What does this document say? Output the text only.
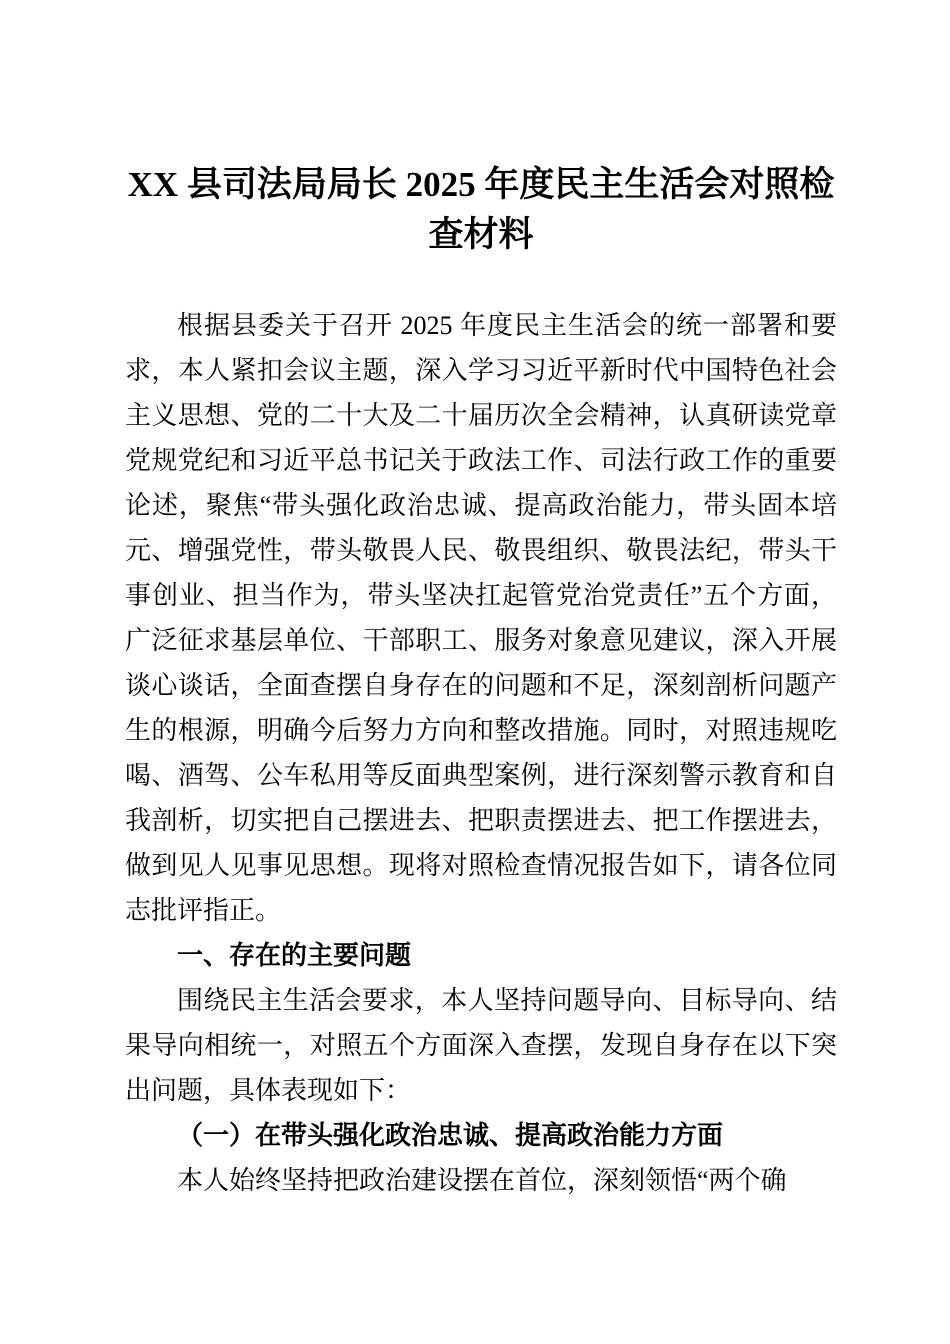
XX 县司法局局长 2025 年度民主生活会对照检查材料

根据县委关于召开 2025 年度民主生活会的统一部署和要求，本人紧扣会议主题，深入学习习近平新时代中国特色社会主义思想、党的二十大及二十届历次全会精神，认真研读党章党规党纪和习近平总书记关于政法工作、司法行政工作的重要论述，聚焦“带头强化政治忠诚、提高政治能力，带头固本培元、增强党性，带头敬畏人民、敬畏组织、敬畏法纪，带头干事创业、担当作为，带头坚决扛起管党治党责任”五个方面，广泛征求基层单位、干部职工、服务对象意见建议，深入开展谈心谈话，全面查摆自身存在的问题和不足，深刻剖析问题产生的根源，明确今后努力方向和整改措施。同时，对照违规吃喝、酒驾、公车私用等反面典型案例，进行深刻警示教育和自我剖析，切实把自己摆进去、把职责摆进去、把工作摆进去，做到见人见事见思想。现将对照检查情况报告如下，请各位同志批评指正。

一、存在的主要问题

围绕民主生活会要求，本人坚持问题导向、目标导向、结果导向相统一，对照五个方面深入查摆，发现自身存在以下突出问题，具体表现如下：

（一）在带头强化政治忠诚、提高政治能力方面

本人始终坚持把政治建设摆在首位，深刻领悟“两个确
